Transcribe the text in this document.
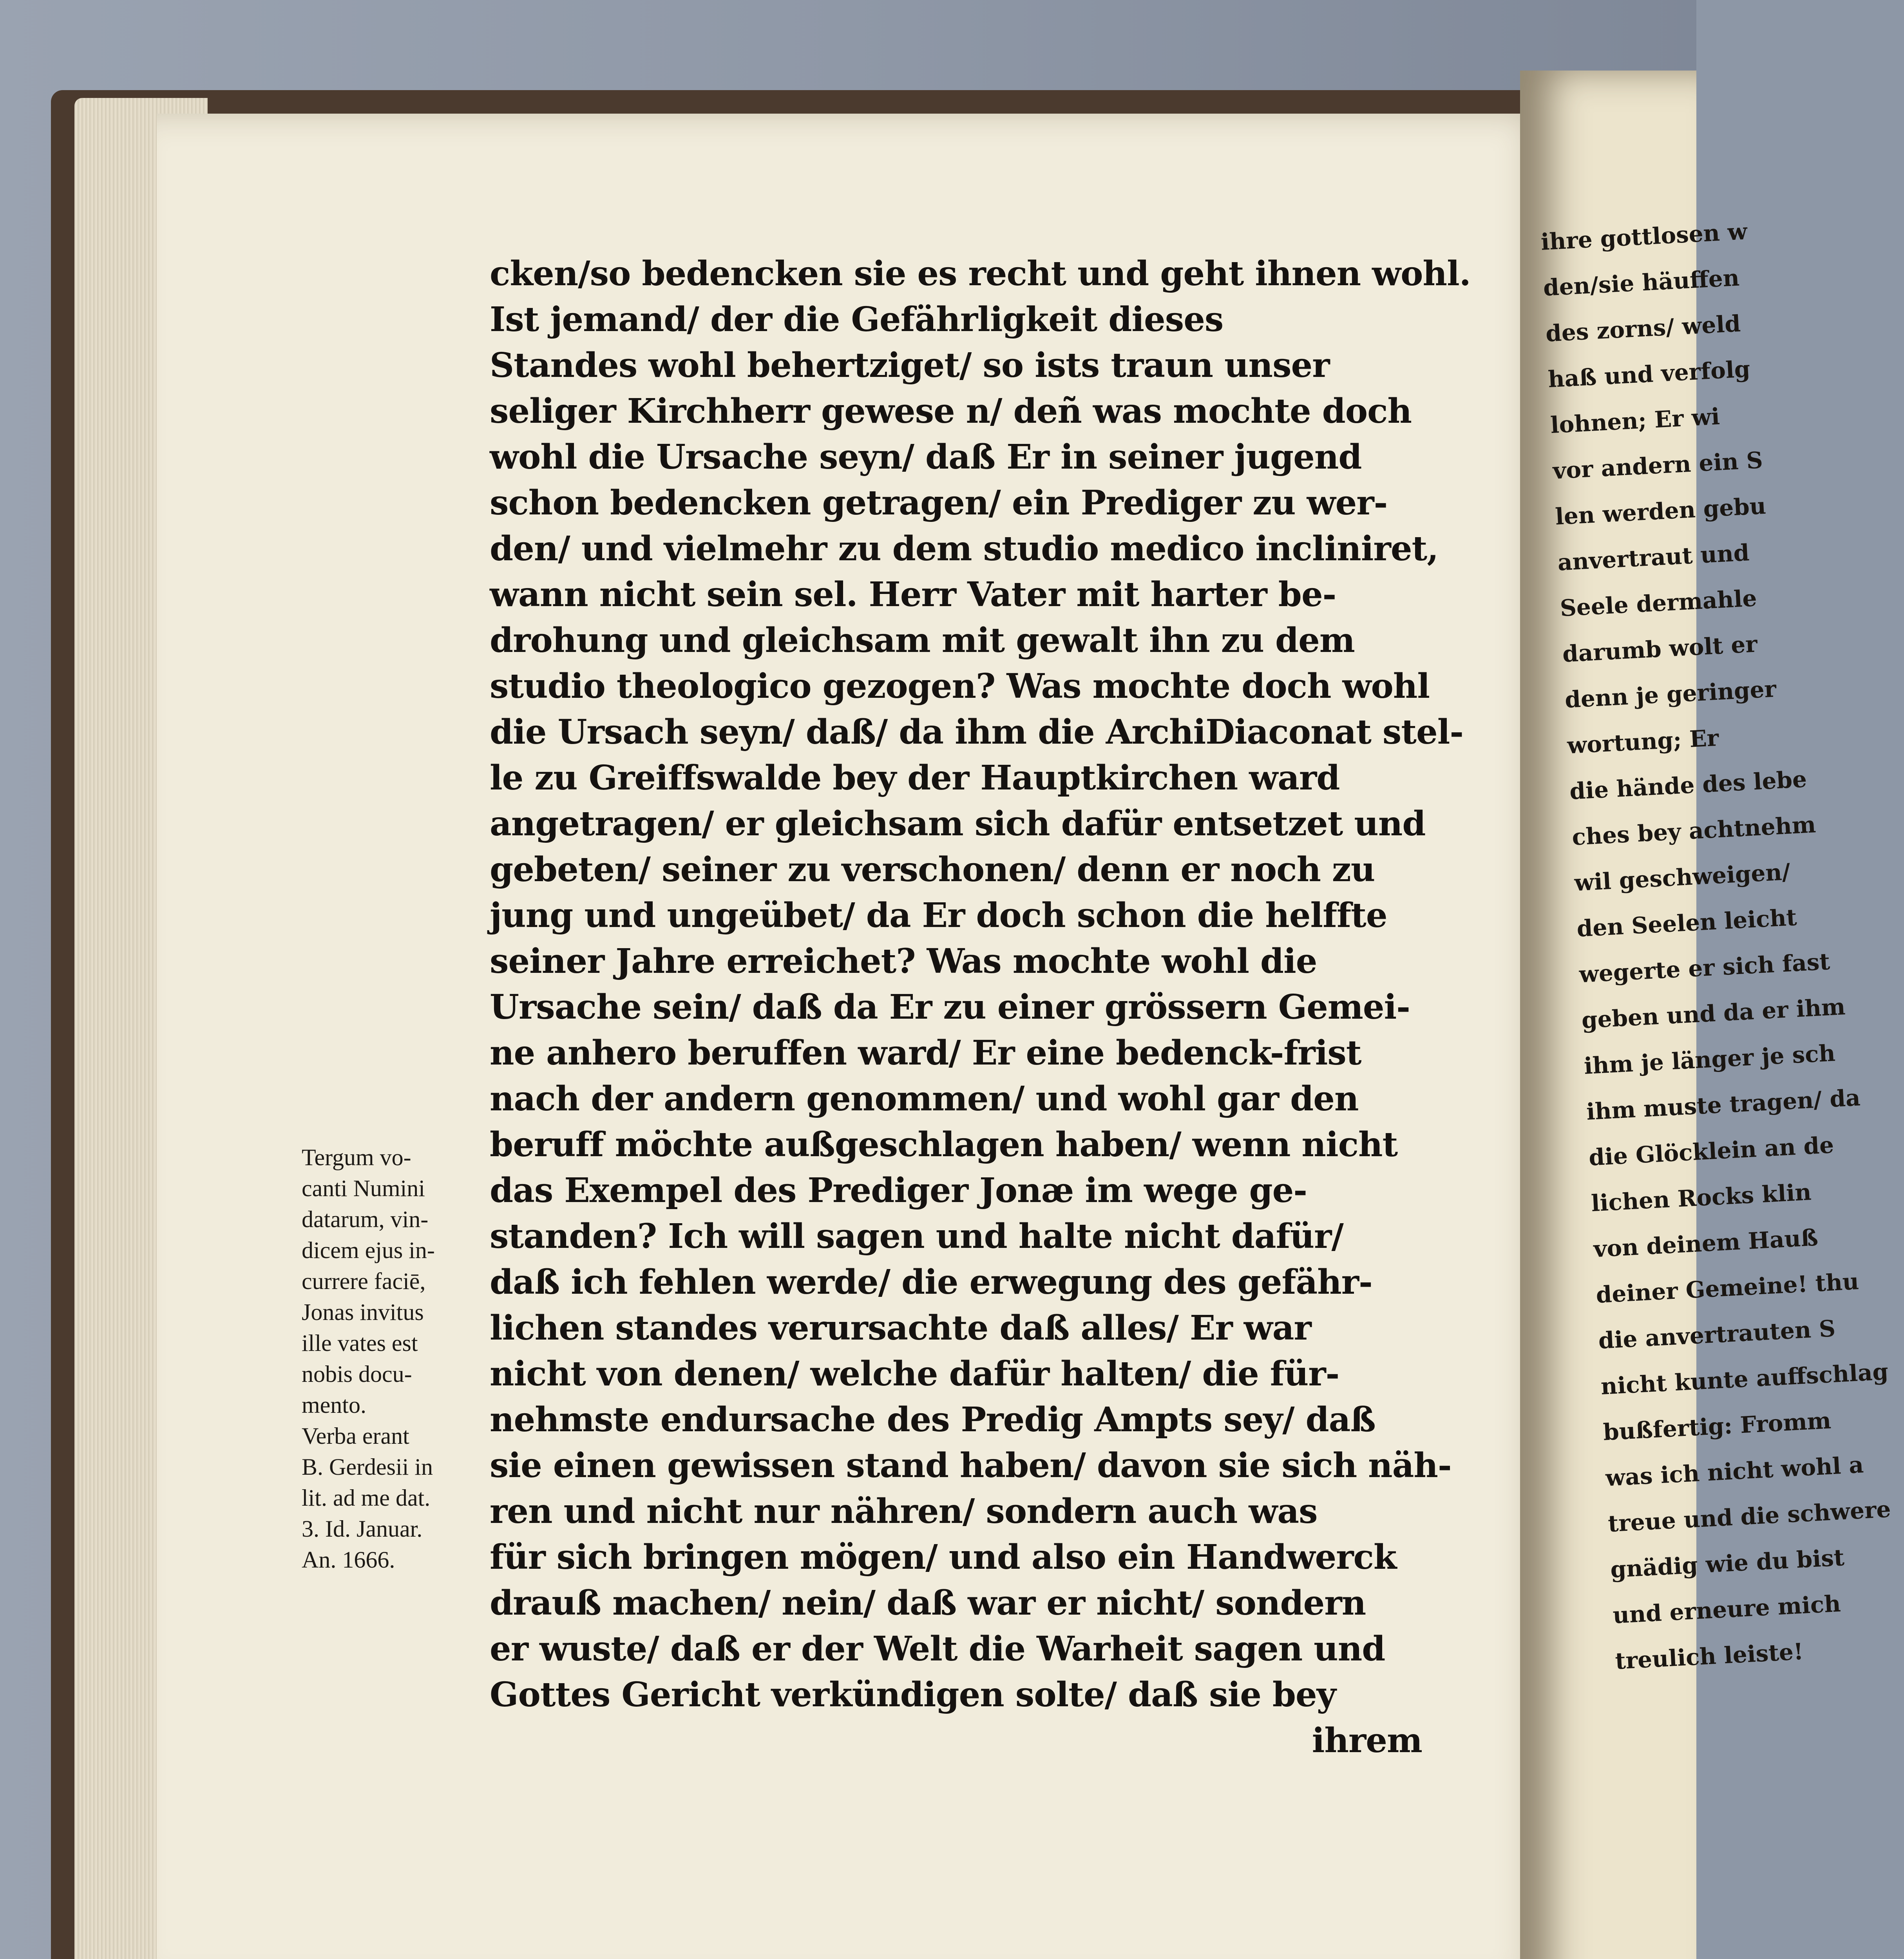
Tergum vo-
canti Numini
datarum, vin-
dicem ejus in-
currere faciē,
Jonas invitus
ille vates est
nobis docu-
mento.
Verba erant
B. Gerdesii in
lit. ad me dat.
3. Id. Januar.
An. 1666.
cken/so bedencken sie es recht und geht ihnen wohl.
Ist jemand/ der die Gefährligkeit dieses
Standes wohl behertziget/ so ists traun unser
seliger Kirchherr gewese n/ deñ was mochte doch
wohl die Ursache seyn/ daß Er in seiner jugend
schon bedencken getragen/ ein Prediger zu wer-
den/ und vielmehr zu dem studio medico incliniret,
wann nicht sein sel. Herr Vater mit harter be-
drohung und gleichsam mit gewalt ihn zu dem
studio theologico gezogen? Was mochte doch wohl
die Ursach seyn/ daß/ da ihm die ArchiDiaconat stel-
le zu Greiffswalde bey der Hauptkirchen ward
angetragen/ er gleichsam sich dafür entsetzet und
gebeten/ seiner zu verschonen/ denn er noch zu
jung und ungeübet/ da Er doch schon die helffte
seiner Jahre erreichet? Was mochte wohl die
Ursache sein/ daß da Er zu einer grössern Gemei-
ne anhero beruffen ward/ Er eine bedenck-frist
nach der andern genommen/ und wohl gar den
beruff möchte außgeschlagen haben/ wenn nicht
das Exempel des Prediger Jonæ im wege ge-
standen? Ich will sagen und halte nicht dafür/
daß ich fehlen werde/ die erwegung des gefähr-
lichen standes verursachte daß alles/ Er war
nicht von denen/ welche dafür halten/ die für-
nehmste endursache des Predig Ampts sey/ daß
sie einen gewissen stand haben/ davon sie sich näh-
ren und nicht nur nähren/ sondern auch was
für sich bringen mögen/ und also ein Handwerck
drauß machen/ nein/ daß war er nicht/ sondern
er wuste/ daß er der Welt die Warheit sagen und
Gottes Gericht verkündigen solte/ daß sie bey
ihrem
ihre gottlosen w
den/sie häuffen
des zorns/ weld
haß und verfolg
lohnen; Er wi
vor andern ein S
len werden gebu
anvertraut und
Seele dermahle
darumb wolt er
denn je geringer
wortung; Er
die hände des lebe
ches bey achtnehm
wil geschweigen/
den Seelen leicht
wegerte er sich fast
geben und da er ihm
ihm je länger je sch
ihm muste tragen/ da
die Glöcklein an de
lichen Rocks klin
von deinem Hauß
deiner Gemeine! thu
die anvertrauten S
nicht kunte auffschlag
bußfertig: Fromm
was ich nicht wohl a
treue und die schwere
gnädig wie du bist
und erneure mich
treulich leiste!
